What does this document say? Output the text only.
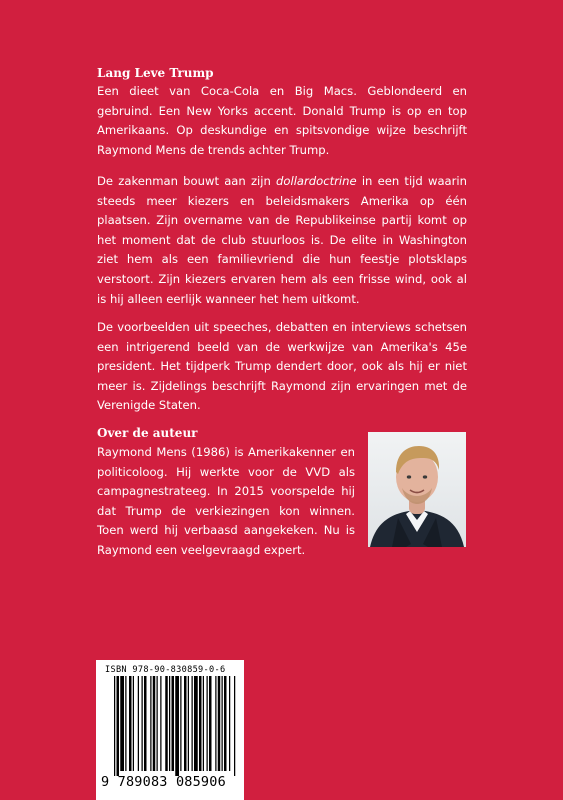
Lang Leve Trump

Een dieet van Coca-Cola en Big Macs. Geblondeerd en gebruind. Een New Yorks accent. Donald Trump is op en top Amerikaans. Op deskundige en spitsvondige wijze beschrijft Raymond Mens de trends achter Trump.

De zakenman bouwt aan zijn dollardoctrine in een tijd waarin steeds meer kiezers en beleidsmakers Amerika op één plaatsen. Zijn overname van de Republikeinse partij komt op het moment dat de club stuurloos is. De elite in Washington ziet hem als een familievriend die hun feestje plotsklaps verstoort. Zijn kiezers ervaren hem als een frisse wind, ook al is hij alleen eerlijk wanneer het hem uitkomt.

De voorbeelden uit speeches, debatten en interviews schetsen een intrigerend beeld van de werkwijze van Amerika's 45e president. Het tijdperk Trump dendert door, ook als hij er niet meer is. Zijdelings beschrijft Raymond zijn ervaringen met de Verenigde Staten.

Over de auteur

Raymond Mens (1986) is Amerikakenner en politicoloog. Hij werkte voor de VVD als campagnestrateeg. In 2015 voorspelde hij dat Trump de verkiezingen kon winnen. Toen werd hij verbaasd aangekeken. Nu is Raymond een veelgevraagd expert.

ISBN 978-90-830859-0-6
9 789083 085906
